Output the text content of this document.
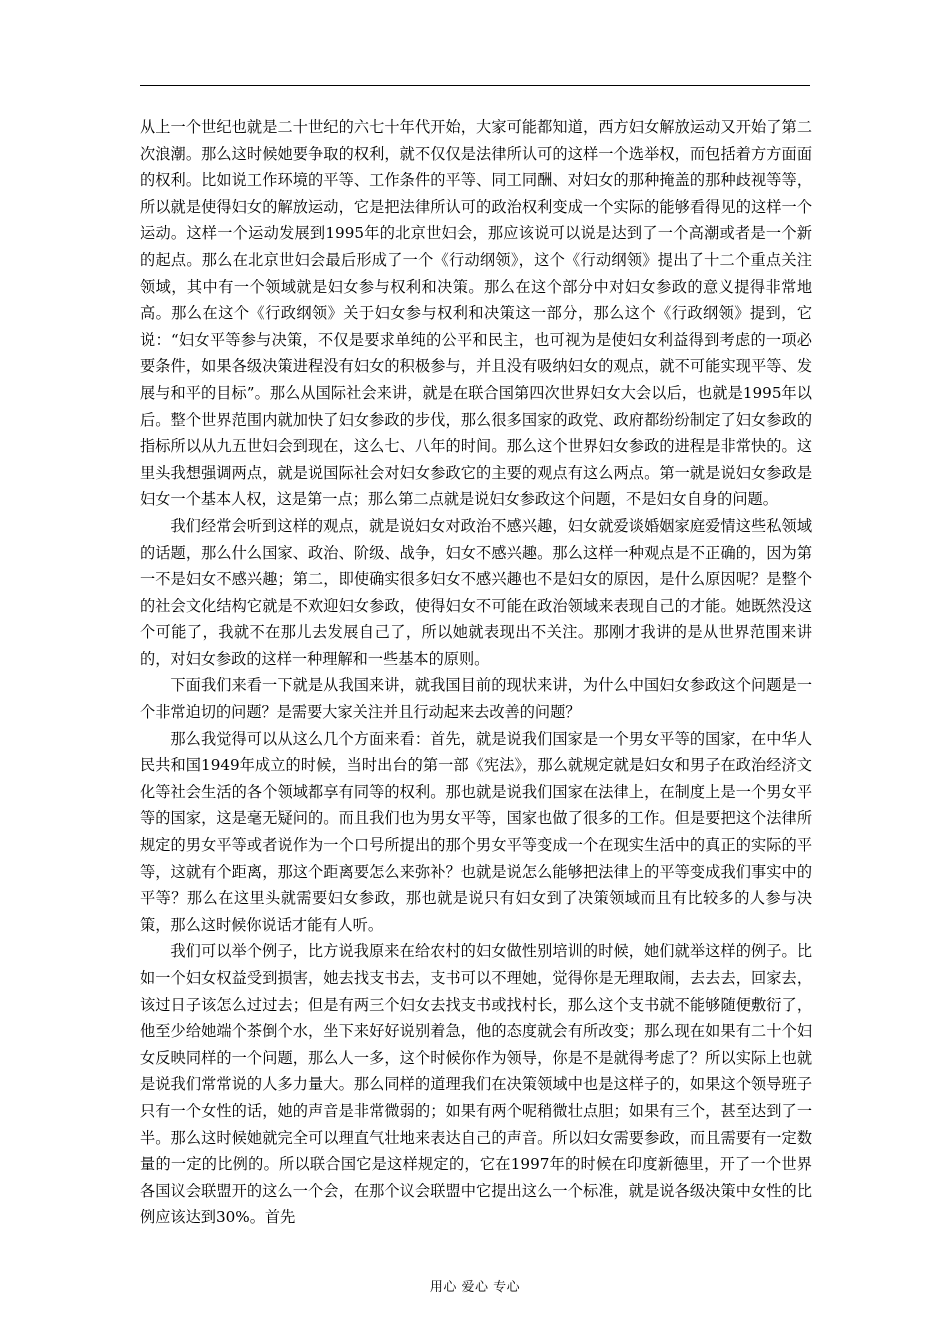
从上一个世纪也就是二十世纪的六七十年代开始，大家可能都知道，西方妇女解放运动又开始了第二次浪潮。那么这时候她要争取的权利，就不仅仅是法律所认可的这样一个选举权，而包括着方方面面的权利。比如说工作环境的平等、工作条件的平等、同工同酬、对妇女的那种掩盖的那种歧视等等，所以就是使得妇女的解放运动，它是把法律所认可的政治权利变成一个实际的能够看得见的这样一个运动。这样一个运动发展到1995年的北京世妇会，那应该说可以说是达到了一个高潮或者是一个新的起点。那么在北京世妇会最后形成了一个《行动纲领》，这个《行动纲领》提出了十二个重点关注领域，其中有一个领域就是妇女参与权利和决策。那么在这个部分中对妇女参政的意义提得非常地高。那么在这个《行政纲领》关于妇女参与权利和决策这一部分，那么这个《行政纲领》提到，它说：“妇女平等参与决策，不仅是要求单纯的公平和民主，也可视为是使妇女利益得到考虑的一项必要条件，如果各级决策进程没有妇女的积极参与，并且没有吸纳妇女的观点，就不可能实现平等、发展与和平的目标”。那么从国际社会来讲，就是在联合国第四次世界妇女大会以后，也就是1995年以后。整个世界范围内就加快了妇女参政的步伐，那么很多国家的政党、政府都纷纷制定了妇女参政的指标所以从九五世妇会到现在，这么七、八年的时间。那么这个世界妇女参政的进程是非常快的。这里头我想强调两点，就是说国际社会对妇女参政它的主要的观点有这么两点。第一就是说妇女参政是妇女一个基本人权，这是第一点；那么第二点就是说妇女参政这个问题，不是妇女自身的问题。

我们经常会听到这样的观点，就是说妇女对政治不感兴趣，妇女就爱谈婚姻家庭爱情这些私领域的话题，那么什么国家、政治、阶级、战争，妇女不感兴趣。那么这样一种观点是不正确的，因为第一不是妇女不感兴趣；第二，即使确实很多妇女不感兴趣也不是妇女的原因，是什么原因呢？是整个的社会文化结构它就是不欢迎妇女参政，使得妇女不可能在政治领域来表现自己的才能。她既然没这个可能了，我就不在那儿去发展自己了，所以她就表现出不关注。那刚才我讲的是从世界范围来讲的，对妇女参政的这样一种理解和一些基本的原则。

下面我们来看一下就是从我国来讲，就我国目前的现状来讲，为什么中国妇女参政这个问题是一个非常迫切的问题？是需要大家关注并且行动起来去改善的问题？

那么我觉得可以从这么几个方面来看：首先，就是说我们国家是一个男女平等的国家，在中华人民共和国1949年成立的时候，当时出台的第一部《宪法》，那么就规定就是妇女和男子在政治经济文化等社会生活的各个领域都享有同等的权利。那也就是说我们国家在法律上，在制度上是一个男女平等的国家，这是毫无疑问的。而且我们也为男女平等，国家也做了很多的工作。但是要把这个法律所规定的男女平等或者说作为一个口号所提出的那个男女平等变成一个在现实生活中的真正的实际的平等，这就有个距离，那这个距离要怎么来弥补？也就是说怎么能够把法律上的平等变成我们事实中的平等？那么在这里头就需要妇女参政，那也就是说只有妇女到了决策领域而且有比较多的人参与决策，那么这时候你说话才能有人听。

我们可以举个例子，比方说我原来在给农村的妇女做性别培训的时候，她们就举这样的例子。比如一个妇女权益受到损害，她去找支书去，支书可以不理她，觉得你是无理取闹，去去去，回家去，该过日子该怎么过过去；但是有两三个妇女去找支书或找村长，那么这个支书就不能够随便敷衍了，他至少给她端个茶倒个水，坐下来好好说别着急，他的态度就会有所改变；那么现在如果有二十个妇女反映同样的一个问题，那么人一多，这个时候你作为领导，你是不是就得考虑了？所以实际上也就是说我们常常说的人多力量大。那么同样的道理我们在决策领域中也是这样子的，如果这个领导班子只有一个女性的话，她的声音是非常微弱的；如果有两个呢稍微壮点胆；如果有三个，甚至达到了一半。那么这时候她就完全可以理直气壮地来表达自己的声音。所以妇女需要参政，而且需要有一定数量的一定的比例的。所以联合国它是这样规定的，它在1997年的时候在印度新德里，开了一个世界各国议会联盟开的这么一个会，在那个议会联盟中它提出这么一个标准，就是说各级决策中女性的比例应该达到30%。首先

用心 爱心 专心
